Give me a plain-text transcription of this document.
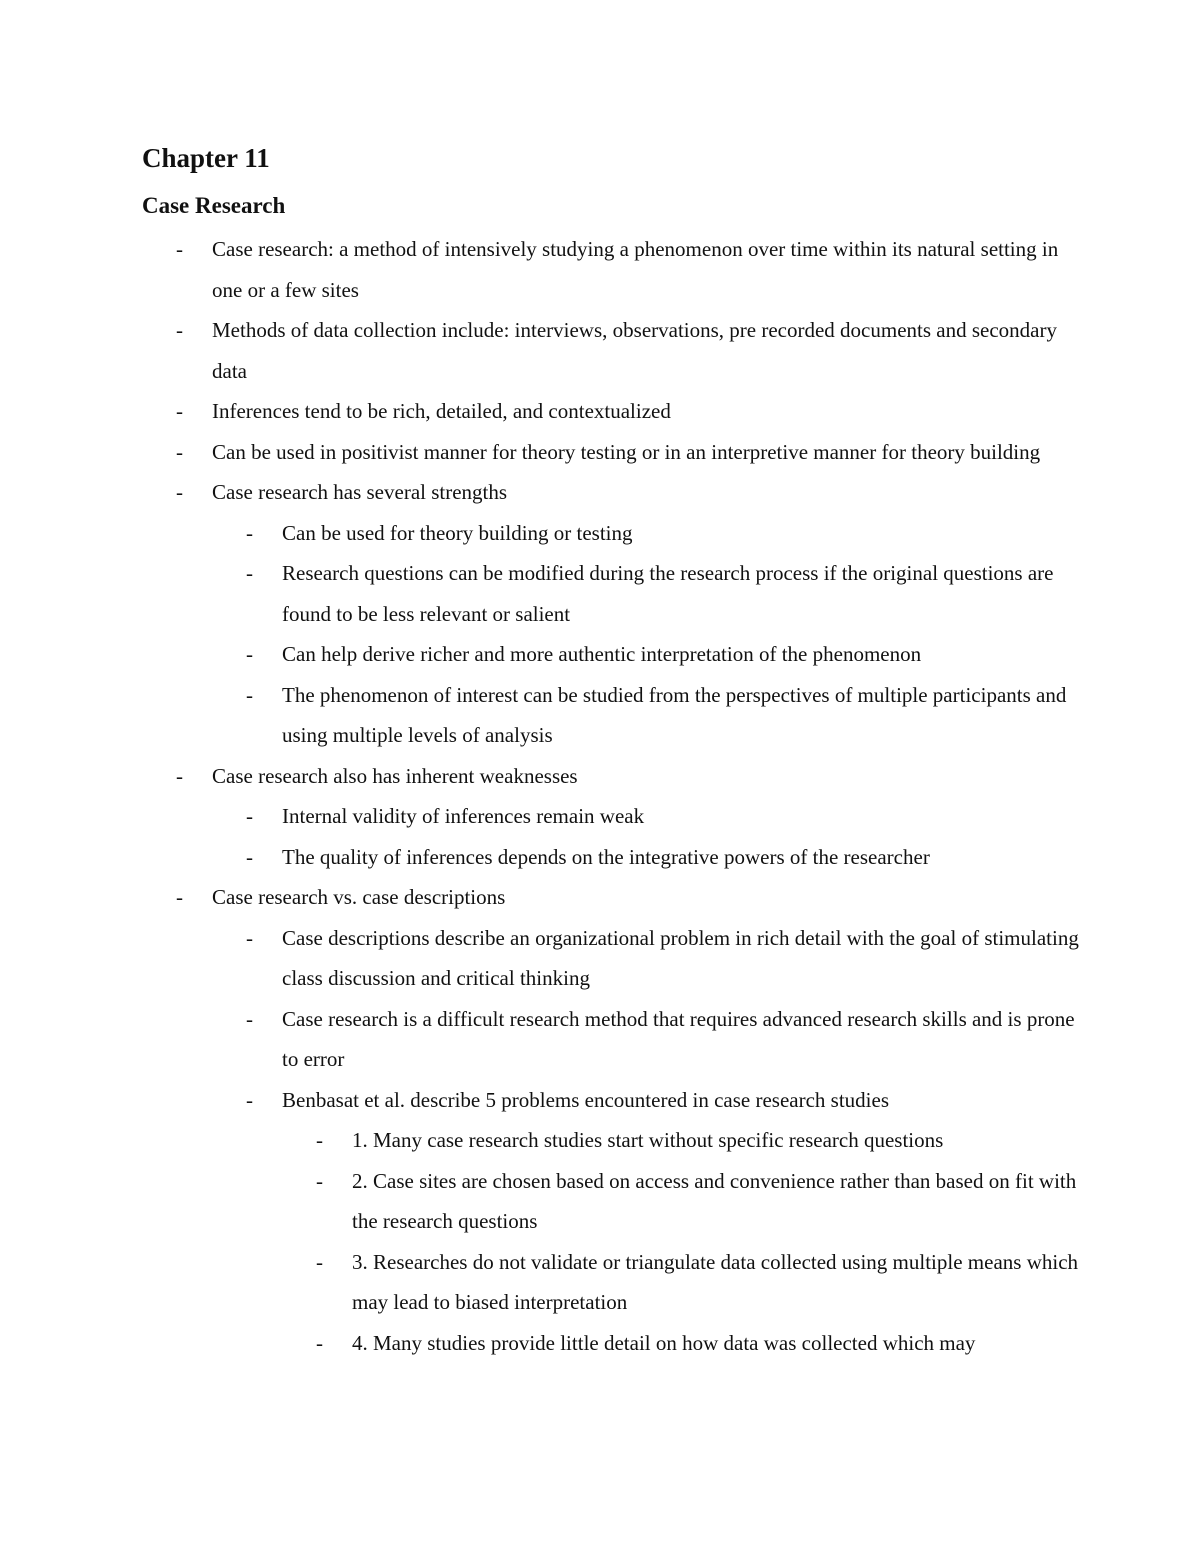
Chapter 11
Case Research
- Case research: a method of intensively studying a phenomenon over time within its natural setting in one or a few sites
- Methods of data collection include: interviews, observations, pre recorded documents and secondary data
- Inferences tend to be rich, detailed, and contextualized
- Can be used in positivist manner for theory testing or in an interpretive manner for theory building
- Case research has several strengths
- Can be used for theory building or testing
- Research questions can be modified during the research process if the original questions are found to be less relevant or salient
- Can help derive richer and more authentic interpretation of the phenomenon
- The phenomenon of interest can be studied from the perspectives of multiple participants and using multiple levels of analysis
- Case research also has inherent weaknesses
- Internal validity of inferences remain weak
- The quality of inferences depends on the integrative powers of the researcher
- Case research vs. case descriptions
- Case descriptions describe an organizational problem in rich detail with the goal of stimulating class discussion and critical thinking
- Case research is a difficult research method that requires advanced research skills and is prone to error
- Benbasat et al. describe 5 problems encountered in case research studies
- 1. Many case research studies start without specific research questions
- 2. Case sites are chosen based on access and convenience rather than based on fit with the research questions
- 3. Researches do not validate or triangulate data collected using multiple means which may lead to biased interpretation
- 4. Many studies provide little detail on how data was collected which may
